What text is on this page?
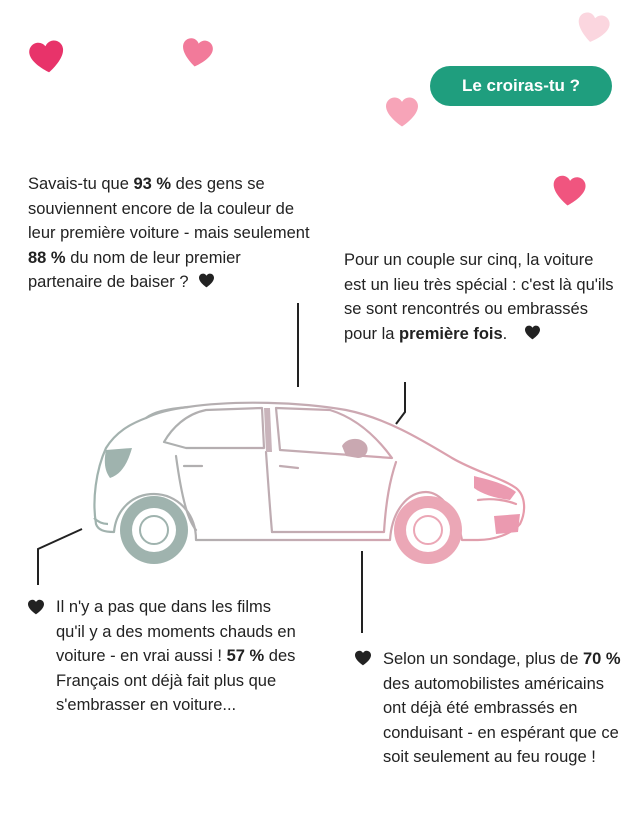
Le croiras-tu ?
Savais-tu que 93 % des gens se souviennent encore de la couleur de leur première voiture - mais seulement 88 % du nom de leur premier partenaire de baiser ?
Pour un couple sur cinq, la voiture est un lieu très spécial : c'est là qu'ils se sont rencontrés ou embrassés pour la première fois.
Il n'y a pas que dans les films qu'il y a des moments chauds en voiture - en vrai aussi ! 57 % des Français ont déjà fait plus que s'embrasser en voiture...
Selon un sondage, plus de 70 % des automobilistes américains ont déjà été embrassés en conduisant - en espérant que ce soit seulement au feu rouge !
